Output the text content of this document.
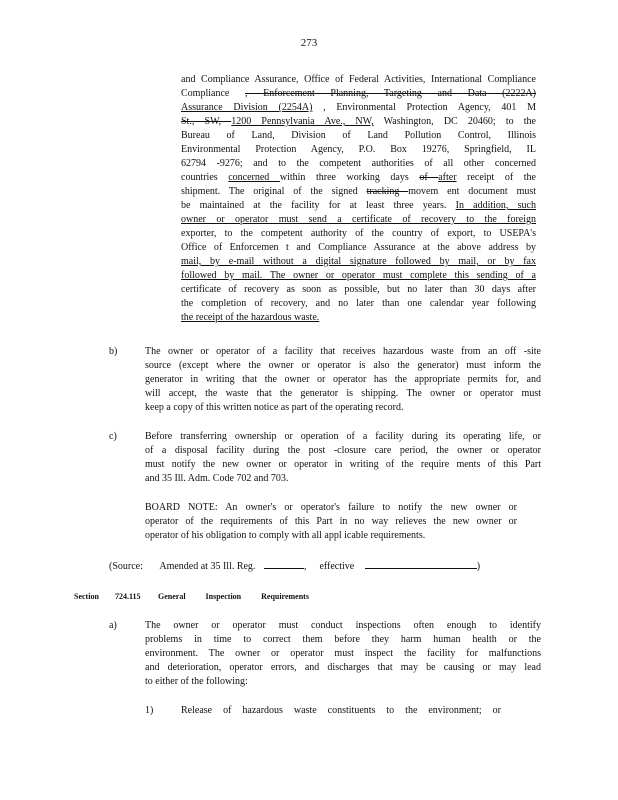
273
and Compliance Assurance, Office of Federal Activities, International Compliance
Compliance , Enforcement Planning, Targeting and Data (2222A)
Assurance Division (2254A) , Environmental Protection Agency, 401 M
St., SW, 1200 Pennsylvania Ave., NW, Washington, DC 20460; to the
Bureau of Land, Division of Land Pollution Control, Illinois
Environmental Protection Agency, P.O. Box 19276, Springfield, IL
62794 -9276; and to the competent authorities of all other concerned
countries concerned within three working days of after receipt of the
shipment. The original of the signed tracking movem ent document must
be maintained at the facility for at least three years. In addition, such
owner or operator must send a certificate of recovery to the foreign
exporter, to the competent authority of the country of export, to USEPA's
Office of Enforcemen t and Compliance Assurance at the above address by
mail, by e-mail without a digital signature followed by mail, or by fax
followed by mail. The owner or operator must complete this sending of a
certificate of recovery as soon as possible, but no later than 30 days after
the completion of recovery, and no later than one calendar year following
the receipt of the hazardous waste.
b)	The owner or operator of a facility that receives hazardous waste from an off -site
source (except where the owner or operator is also the generator) must inform the
generator in writing that the owner or operator has the appropriate permits for, and
will accept, the waste that the generator is shipping. The owner or operator must
keep a copy of this written notice as part of the operating record.
c)	Before transferring ownership or operation of a facility during its operating life, or
of a disposal facility during the post -closure care period, the owner or operator
must notify the new owner or operator in writing of the require ments of this Part
and 35 Ill. Adm. Code 702 and 703.
BOARD NOTE: An owner's or operator's failure to notify the new owner or
operator of the requirements of this Part in no way relieves the new owner or
operator of his obligation to comply with all appl icable requirements.
(Source: Amended at 35 Ill. Reg.	, effective	)
Section 724.115 General Inspection Requirements
a)	The owner or operator must conduct inspections often enough to identify
problems in time to correct them before they harm human health or the
environment. The owner or operator must inspect the facility for malfunctions
and deterioration, operator errors, and discharges that may be causing or may lead
to either of the following:
1)	Release of hazardous waste constituents to the environment; or
